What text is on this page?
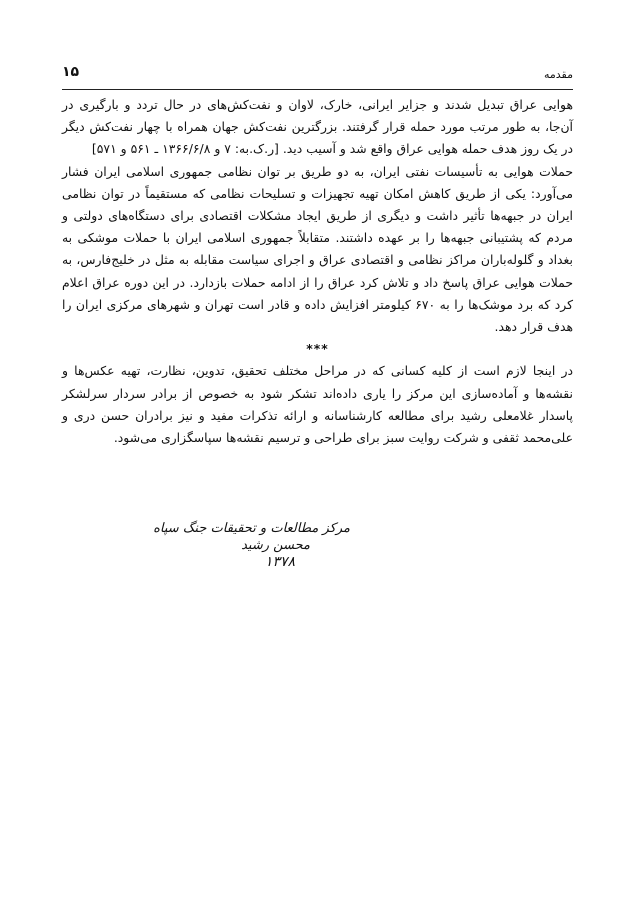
مقدمه
۱۵

هوایی عراق تبدیل شدند و جزایر ایرانی، خارک، لاوان و نفت‌کش‌های در حال تردد و بارگیری در آن‌جا، به طور مرتب مورد حمله قرار گرفتند. بزرگترین نفت‌کش جهان همراه با چهار نفت‌کش دیگر در یک روز هدف حمله هوایی عراق واقع شد و آسیب دید. [ر.ک.به: ۷ و ۱۳۶۶/۶/۸ ـ ۵۶۱ و ۵۷۱]

حملات هوایی به تأسیسات نفتی ایران، به دو طریق بر توان نظامی جمهوری اسلامی ایران فشار می‌آورد: یکی از طریق کاهش امکان تهیه تجهیزات و تسلیحات نظامی که مستقیماً در توان نظامی ایران در جبهه‌ها تأثیر داشت و دیگری از طریق ایجاد مشکلات اقتصادی برای دستگاه‌های دولتی و مردم که پشتیبانی جبهه‌ها را بر عهده داشتند. متقابلاً جمهوری اسلامی ایران با حملات موشکی به بغداد و گلوله‌باران مراکز نظامی و اقتصادی عراق و اجرای سیاست مقابله به مثل در خلیج‌فارس، به حملات هوایی عراق پاسخ داد و تلاش کرد عراق را از ادامه حملات بازدارد. در این دوره عراق اعلام کرد که برد موشک‌ها را به ۶۷۰ کیلومتر افزایش داده و قادر است تهران و شهرهای مرکزی ایران را هدف قرار دهد.

***

در اینجا لازم است از کلیه کسانی که در مراحل مختلف تحقیق، تدوین، نظارت، تهیه عکس‌ها و نقشه‌ها و آماده‌سازی این مرکز را یاری داده‌اند تشکر شود به خصوص از برادر سردار سرلشکر پاسدار غلامعلی رشید برای مطالعه کارشناسانه و ارائه تذکرات مفید و نیز برادران حسن دری و علی‌محمد ثقفی و شرکت روایت سبز برای طراحی و ترسیم نقشه‌ها سپاسگزاری می‌شود.

مرکز مطالعات و تحقیقات جنگ سپاه
محسن رشید
۱۳۷۸
